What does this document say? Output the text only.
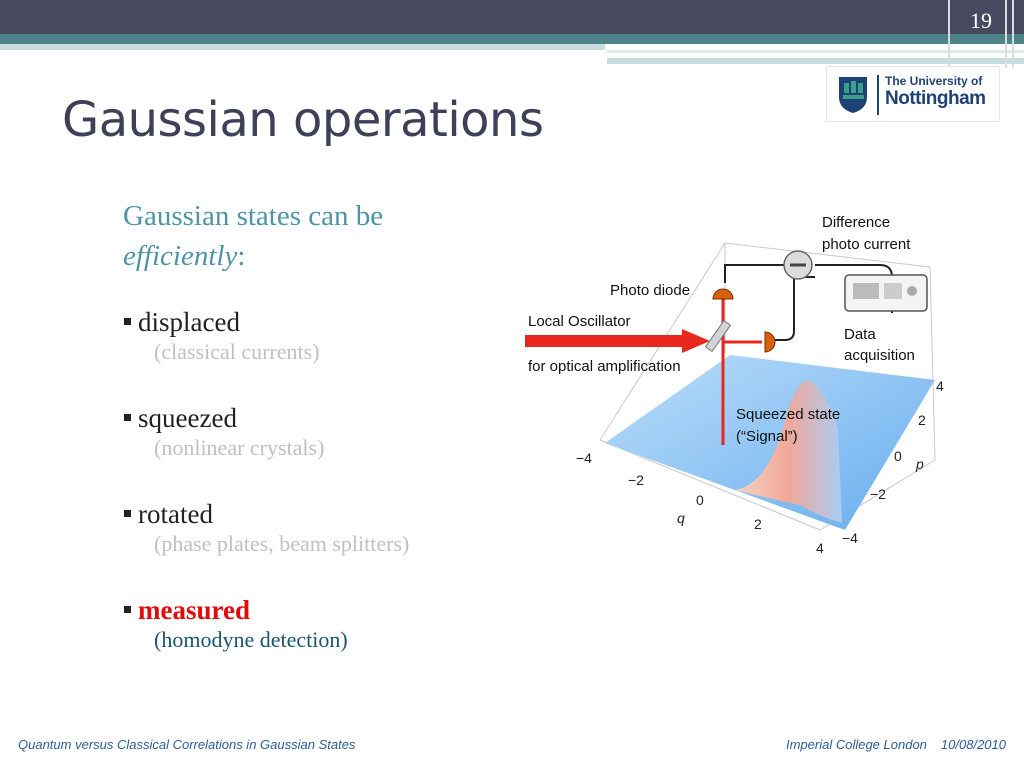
19
The University of
Nottingham
Gaussian operations
Gaussian states can be
efficiently:
displaced
(classical currents)
squeezed
(nonlinear crystals)
rotated
(phase plates, beam splitters)
measured
(homodyne detection)
−4
−2
0
2
4
q
4
2
0
−2
−4
p
Difference
photo current
Photo diode
Local Oscillator
for optical amplification
Data
acquisition
Squeezed state
(“Signal”)
Quantum versus Classical Correlations in Gaussian States	Imperial College London 10/08/2010
